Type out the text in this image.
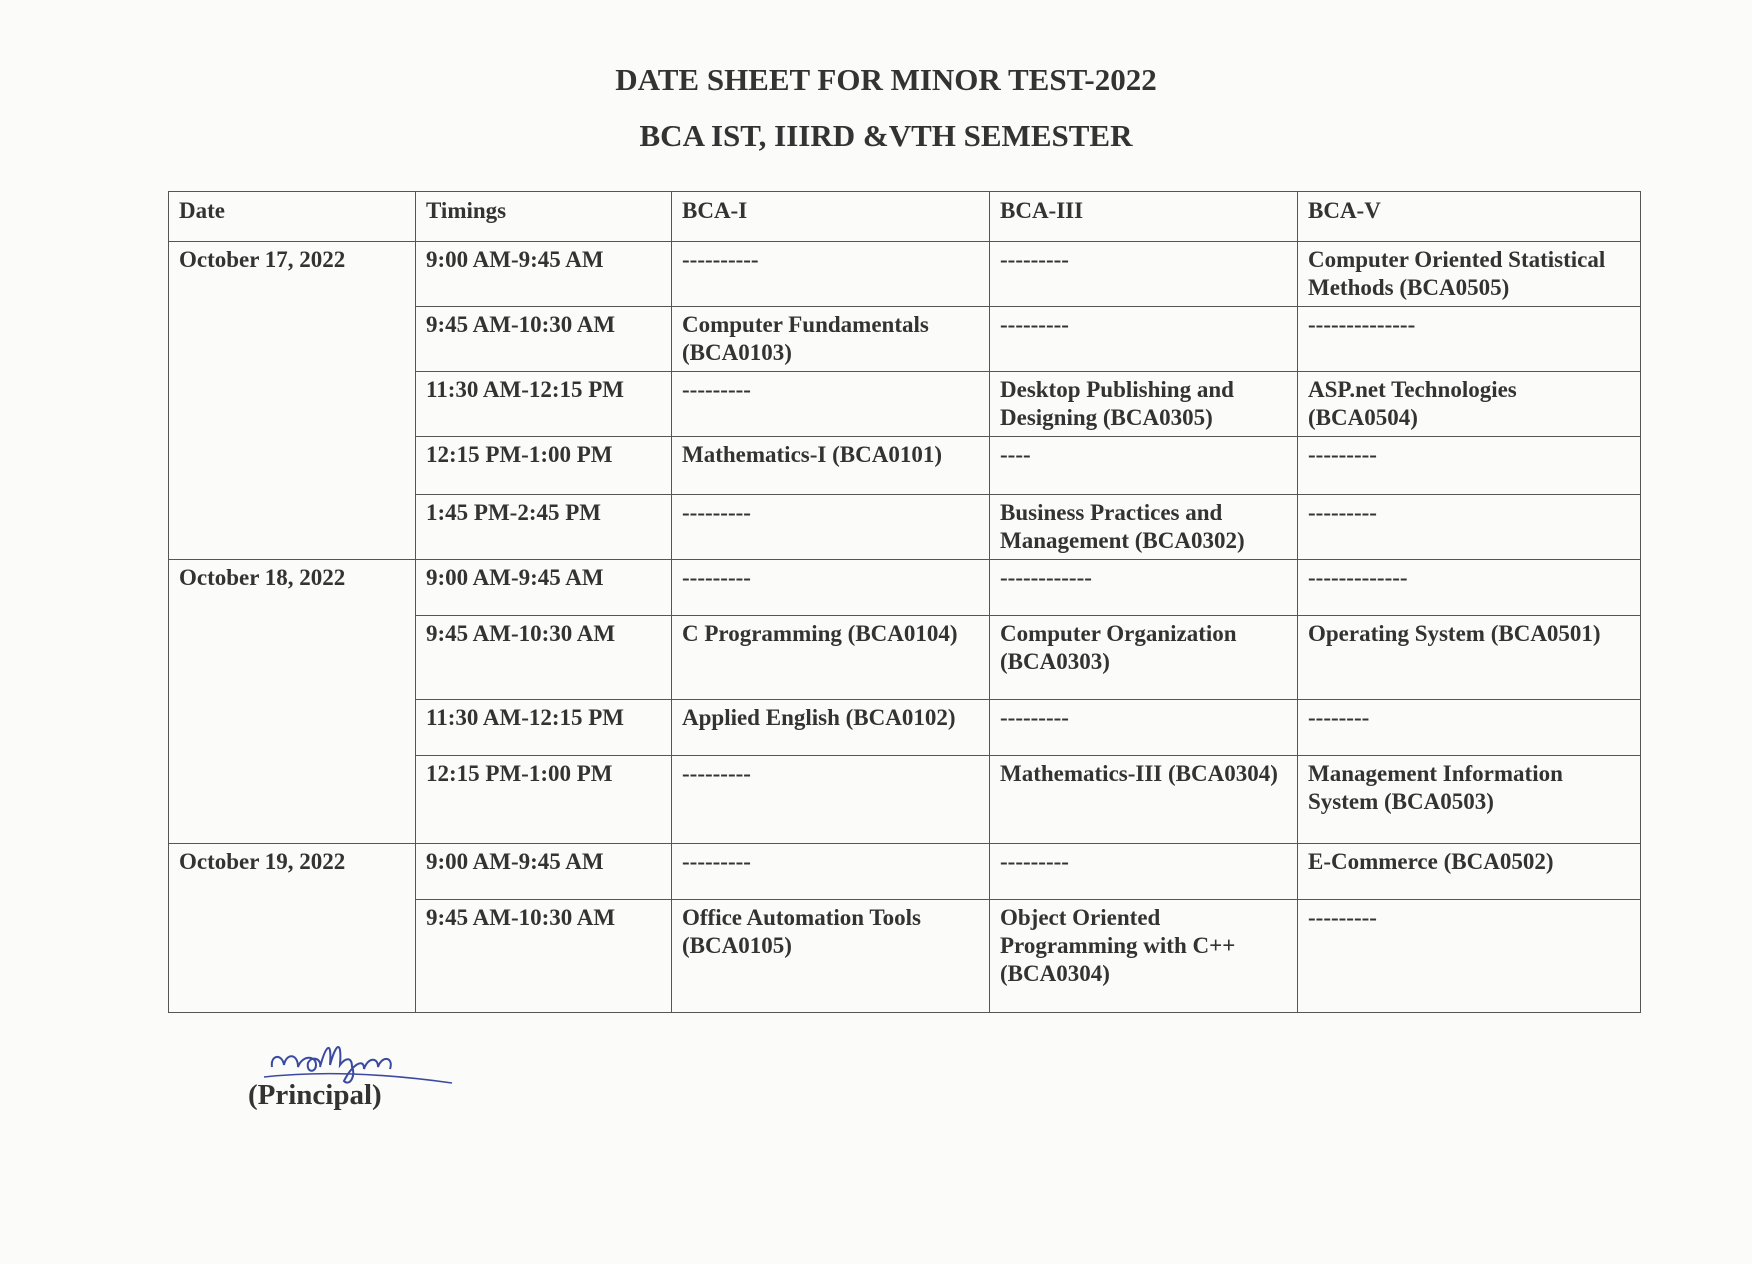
DATE SHEET FOR MINOR TEST-2022
BCA IST, IIIRD &VTH SEMESTER
Date	Timings	BCA-I	BCA-III	BCA-V
October 17, 2022	9:00 AM-9:45 AM	----------	---------	Computer Oriented Statistical Methods (BCA0505)
	9:45 AM-10:30 AM	Computer Fundamentals (BCA0103)	---------	--------------
	11:30 AM-12:15 PM	---------	Desktop Publishing and Designing (BCA0305)	ASP.net Technologies (BCA0504)
	12:15 PM-1:00 PM	Mathematics-I (BCA0101)	----	---------
	1:45 PM-2:45 PM	---------	Business Practices and Management (BCA0302)	---------
October 18, 2022	9:00 AM-9:45 AM	---------	------------	-------------
	9:45 AM-10:30 AM	C Programming (BCA0104)	Computer Organization (BCA0303)	Operating System (BCA0501)
	11:30 AM-12:15 PM	Applied English (BCA0102)	---------	--------
	12:15 PM-1:00 PM	---------	Mathematics-III (BCA0304)	Management Information System (BCA0503)
October 19, 2022	9:00 AM-9:45 AM	---------	---------	E-Commerce (BCA0502)
	9:45 AM-10:30 AM	Office Automation Tools (BCA0105)	Object Oriented Programming with C++ (BCA0304)	---------
(Principal)
